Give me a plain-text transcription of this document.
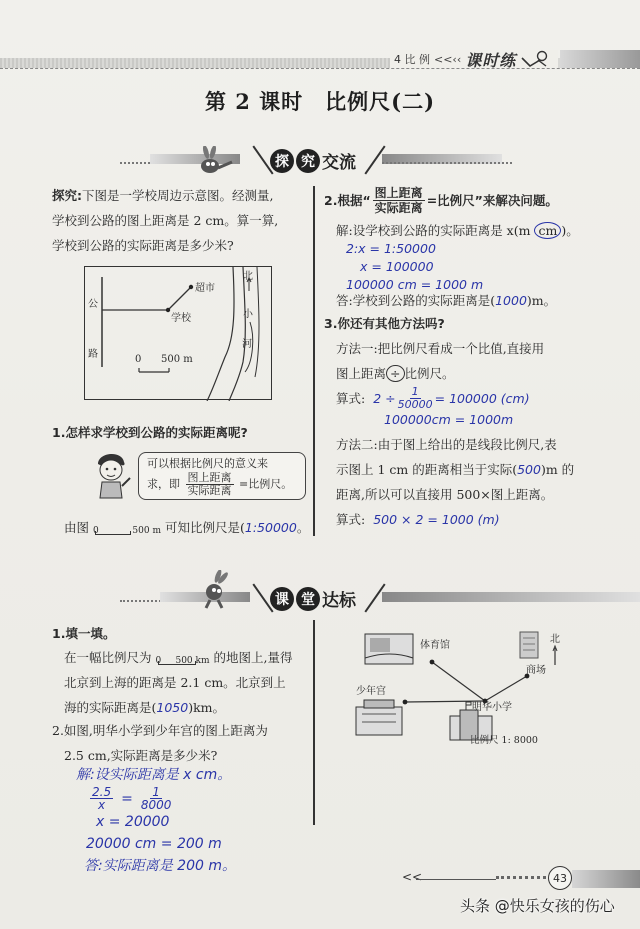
4 比 例 <<‹‹ 课时练
第 2 课时　比例尺(二)
探 究 交流
探究:下图是一学校周边示意图。经测量,
学校到公路的图上距离是 2 cm。算一算,
学校到公路的实际距离是多少米?
公
路
学校
超市
北
小
河
0 500 m
1.怎样求学校到公路的实际距离呢?
可以根据比例尺的意义来
求，即 $\frac{\text{图上距离}}{\text{实际距离}}$ =比例尺。
由图 0	500 m 可知比例尺是(1:50000。
2.根据“ $\frac{\text{图上距离}}{\text{实际距离}}$ =比例尺”来解决问题。
解:设学校到公路的实际距离是 x(m cm )。
2:x = 1:50000
x = 100000
100000 cm = 1000 m
答:学校到公路的实际距离是(1000)m。
3.你还有其他方法吗?
方法一:把比例尺看成一个比值,直接用
图上距离 ÷ 比例尺。
算式: $2 \div \frac{1}{50000} = 100000$ (cm)
100000cm = 1000m
方法二:由于图上给出的是线段比例尺,表
示图上 1 cm 的距离相当于实际(500)m 的
距离,所以可以直接用 500×图上距离。
算式: 500 × 2 = 1000 (m)
课 堂 达标
1.填一填。
在一幅比例尺为 0 500 km 的地图上,量得
北京到上海的距离是 2.1 cm。北京到上
海的实际距离是(1050)km。
2.如图,明华小学到少年宫的图上距离为
2.5 cm,实际距离是多少米?
解:设实际距离是 x cm。
$\frac{2.5}{x} = \frac{1}{8000}$
x = 20000
20000 cm = 200 m
答:实际距离是 200 m。
体育馆
商场
北
少年宫
明华小学
比例尺 1: 8000
<<	43
头条 @快乐女孩的伤心
